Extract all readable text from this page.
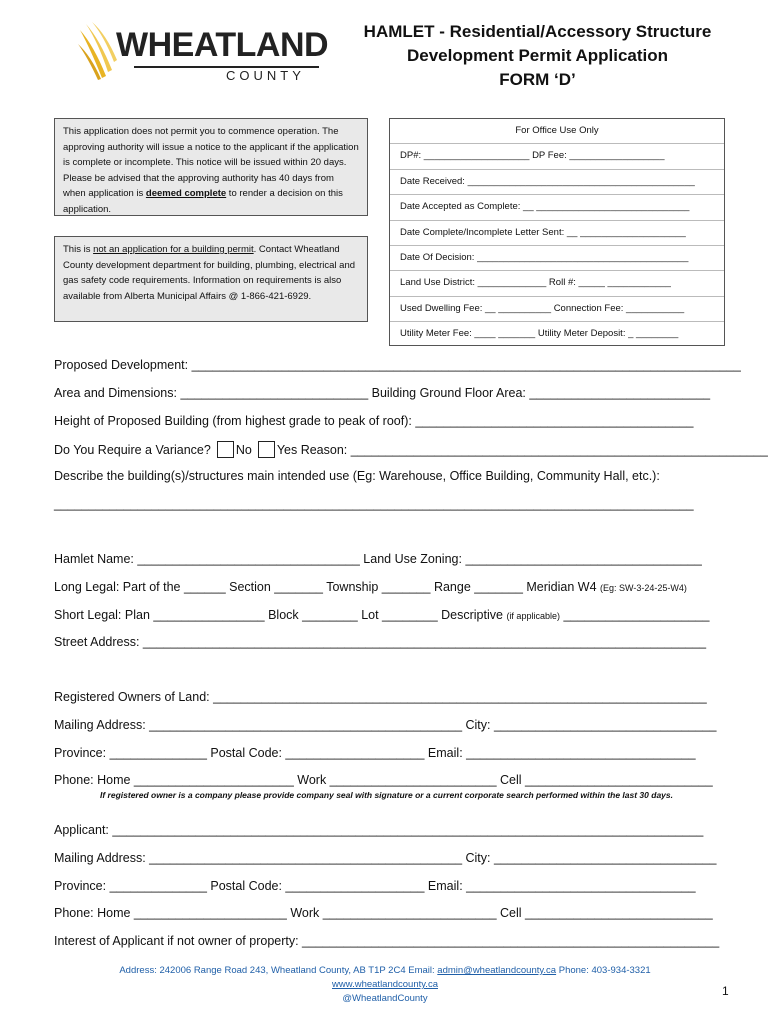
WHEATLAND
COUNTY
HAMLET - Residential/Accessory Structure
Development Permit Application
FORM ‘D’
This application does not permit you to commence operation. The approving authority will issue a notice to the applicant if the application is complete or incomplete. This notice will be issued within 20 days. Please be advised that the approving authority has 40 days from when application is deemed complete to render a decision on this application.
This is not an application for a building permit. Contact Wheatland County development department for building, plumbing, electrical and gas safety code requirements. Information on requirements is also available from Alberta Municipal Affairs @ 1-866-421-6929.
For Office Use Only
DP#: ____________________ DP Fee: __________________
Date Received: ___________________________________________
Date Accepted as Complete: __ _____________________________
Date Complete/Incomplete Letter Sent: __ ____________________
Date Of Decision: ________________________________________
Land Use District: _____________ Roll #: _____ ____________
Used Dwelling Fee: __ __________ Connection Fee: ___________
Utility Meter Fee: ____ _______ Utility Meter Deposit: _ ________
Proposed Development: _______________________________________________________________________________
Area and Dimensions: ___________________________ Building Ground Floor Area: __________________________
Height of Proposed Building (from highest grade to peak of roof): ________________________________________
Do You Require a Variance? No Yes Reason: ____________________________________________________________
Describe the building(s)/structures main intended use (Eg: Warehouse, Office Building, Community Hall, etc.):
____________________________________________________________________________________________
Hamlet Name: ________________________________ Land Use Zoning: __________________________________
Long Legal: Part of the ______ Section _______ Township _______ Range _______ Meridian W4 (Eg: SW-3-24-25-W4)
Short Legal: Plan ________________ Block ________ Lot ________ Descriptive (if applicable) _____________________
Street Address: _________________________________________________________________________________
Registered Owners of Land: _______________________________________________________________________
Mailing Address: _____________________________________________ City: ________________________________
Province: ______________ Postal Code: ____________________ Email: _________________________________
Phone: Home _______________________ Work ________________________ Cell ___________________________
If registered owner is a company please provide company seal with signature or a current corporate search performed within the last 30 days.
Applicant: _____________________________________________________________________________________
Mailing Address: _____________________________________________ City: ________________________________
Province: ______________ Postal Code: ____________________ Email: _________________________________
Phone: Home ______________________ Work _________________________ Cell ___________________________
Interest of Applicant if not owner of property: ____________________________________________________________
Address: 242006 Range Road 243, Wheatland County, AB T1P 2C4 Email: admin@wheatlandcounty.ca Phone: 403-934-3321
www.wheatlandcounty.ca
@WheatlandCounty
1
